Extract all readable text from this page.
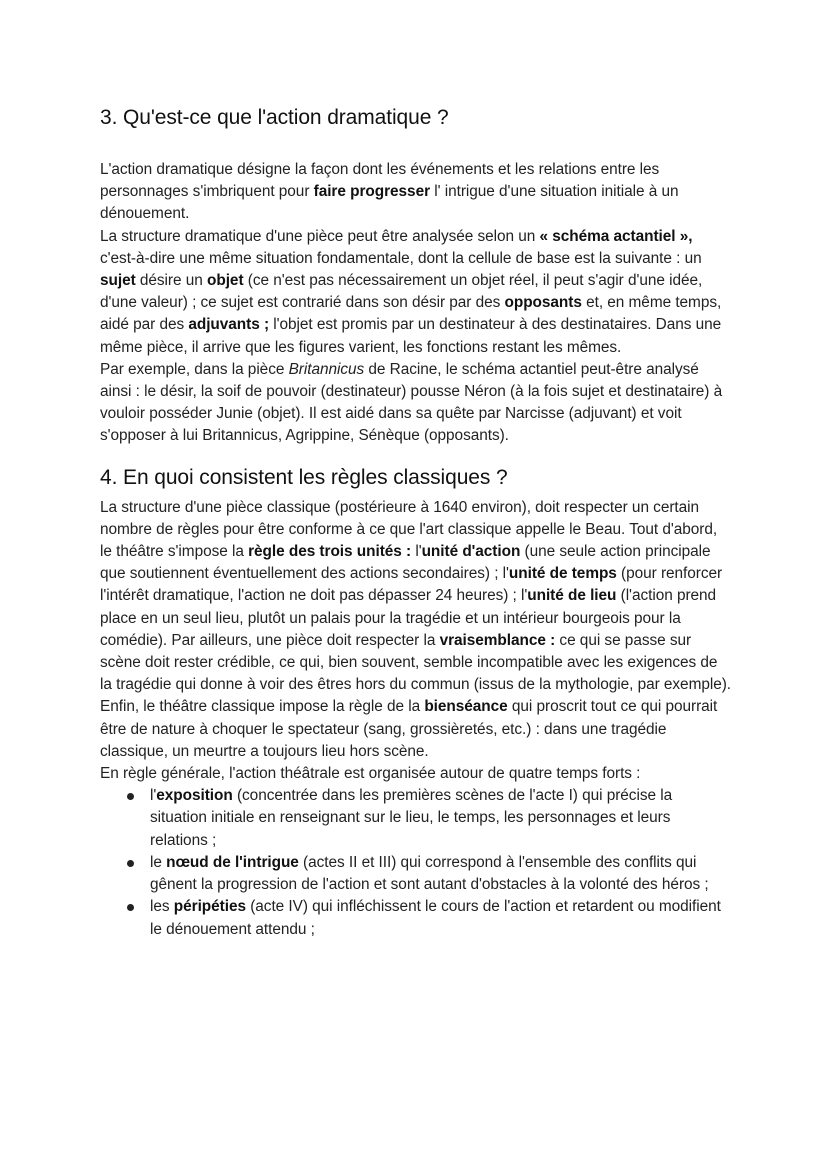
3. Qu'est-ce que l'action dramatique ?

L'action dramatique désigne la façon dont les événements et les relations entre les personnages s'imbriquent pour faire progresser l' intrigue d'une situation initiale à un dénouement.

La structure dramatique d'une pièce peut être analysée selon un « schéma actantiel », c'est-à-dire une même situation fondamentale, dont la cellule de base est la suivante : un sujet désire un objet (ce n'est pas nécessairement un objet réel, il peut s'agir d'une idée, d'une valeur) ; ce sujet est contrarié dans son désir par des opposants et, en même temps, aidé par des adjuvants ; l'objet est promis par un destinateur à des destinataires. Dans une même pièce, il arrive que les figures varient, les fonctions restant les mêmes.

Par exemple, dans la pièce Britannicus de Racine, le schéma actantiel peut-être analysé ainsi : le désir, la soif de pouvoir (destinateur) pousse Néron (à la fois sujet et destinataire) à vouloir posséder Junie (objet). Il est aidé dans sa quête par Narcisse (adjuvant) et voit s'opposer à lui Britannicus, Agrippine, Sénèque (opposants).

4. En quoi consistent les règles classiques ?

La structure d'une pièce classique (postérieure à 1640 environ), doit respecter un certain nombre de règles pour être conforme à ce que l'art classique appelle le Beau. Tout d'abord, le théâtre s'impose la règle des trois unités : l'unité d'action (une seule action principale que soutiennent éventuellement des actions secondaires) ; l'unité de temps (pour renforcer l'intérêt dramatique, l'action ne doit pas dépasser 24 heures) ; l'unité de lieu (l'action prend place en un seul lieu, plutôt un palais pour la tragédie et un intérieur bourgeois pour la comédie). Par ailleurs, une pièce doit respecter la vraisemblance : ce qui se passe sur scène doit rester crédible, ce qui, bien souvent, semble incompatible avec les exigences de la tragédie qui donne à voir des êtres hors du commun (issus de la mythologie, par exemple). Enfin, le théâtre classique impose la règle de la bienséance qui proscrit tout ce qui pourrait être de nature à choquer le spectateur (sang, grossièretés, etc.) : dans une tragédie classique, un meurtre a toujours lieu hors scène.

En règle générale, l'action théâtrale est organisée autour de quatre temps forts :

l'exposition (concentrée dans les premières scènes de l'acte I) qui précise la situation initiale en renseignant sur le lieu, le temps, les personnages et leurs relations ;
le nœud de l'intrigue (actes II et III) qui correspond à l'ensemble des conflits qui gênent la progression de l'action et sont autant d'obstacles à la volonté des héros ;
les péripéties (acte IV) qui infléchissent le cours de l'action et retardent ou modifient le dénouement attendu ;
